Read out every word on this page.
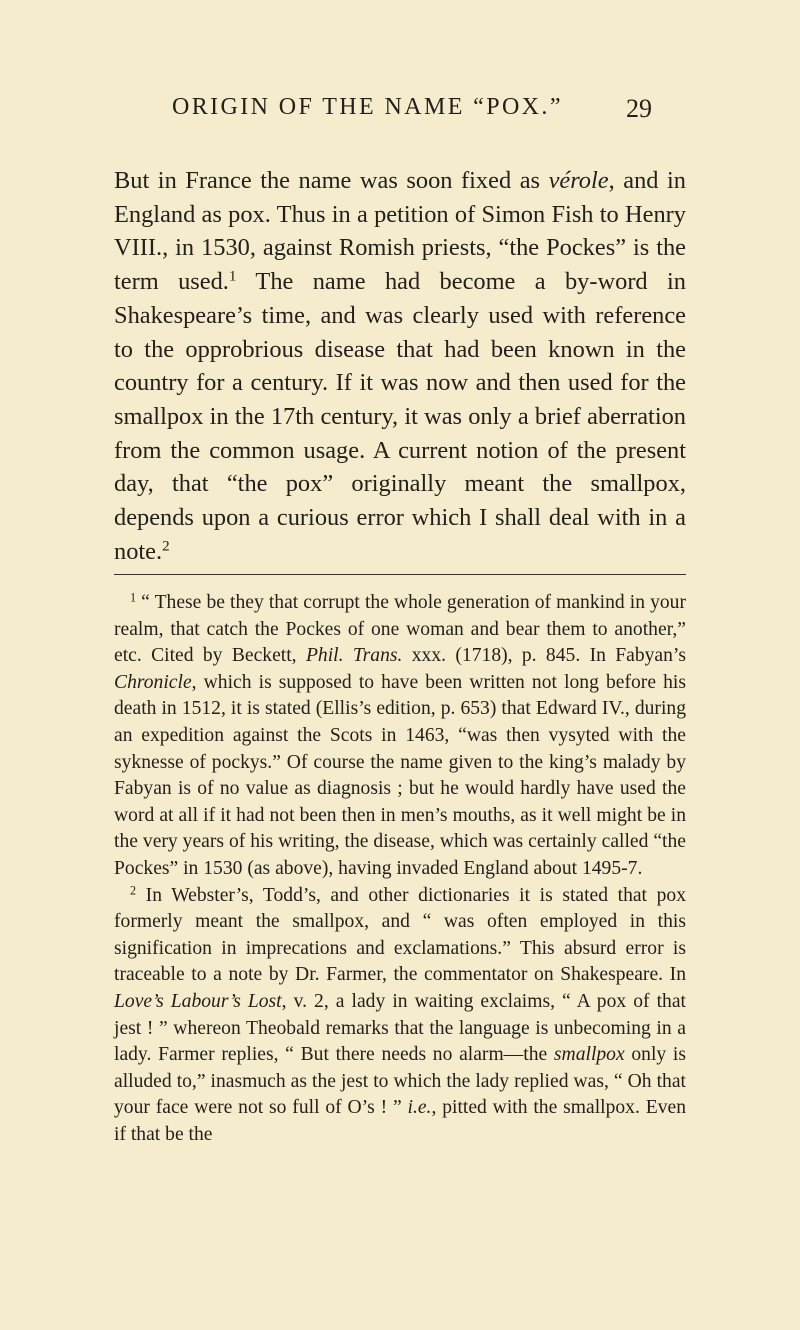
ORIGIN OF THE NAME “POX.” 29

But in France the name was soon fixed as vérole, and in England as pox. Thus in a petition of Simon Fish to Henry VIII., in 1530, against Romish priests, “the Pockes” is the term used.$^1$ The name had become a by-word in Shakespeare’s time, and was clearly used with reference to the opprobrious disease that had been known in the country for a century. If it was now and then used for the smallpox in the 17th century, it was only a brief aberration from the common usage. A current notion of the present day, that “the pox” originally meant the smallpox, depends upon a curious error which I shall deal with in a note.$^2$

$^1$ “ These be they that corrupt the whole generation of mankind in your realm, that catch the Pockes of one woman and bear them to another,” etc. Cited by Beckett, Phil. Trans. xxx. (1718), p. 845. In Fabyan’s Chronicle, which is supposed to have been written not long before his death in 1512, it is stated (Ellis’s edition, p. 653) that Edward IV., during an expedition against the Scots in 1463, “was then vysyted with the syknesse of pockys.” Of course the name given to the king’s malady by Fabyan is of no value as diagnosis ; but he would hardly have used the word at all if it had not been then in men’s mouths, as it well might be in the very years of his writing, the disease, which was certainly called “the Pockes” in 1530 (as above), having invaded England about 1495-7.

$^2$ In Webster’s, Todd’s, and other dictionaries it is stated that pox formerly meant the smallpox, and “ was often employed in this signification in imprecations and exclamations.” This absurd error is traceable to a note by Dr. Farmer, the commentator on Shakespeare. In Love’s Labour’s Lost, v. 2, a lady in waiting exclaims, “ A pox of that jest ! ” whereon Theobald remarks that the language is unbecoming in a lady. Farmer replies, “ But there needs no alarm—the smallpox only is alluded to,” inasmuch as the jest to which the lady replied was, “ Oh that your face were not so full of O’s ! ” i.e., pitted with the smallpox. Even if that be the
